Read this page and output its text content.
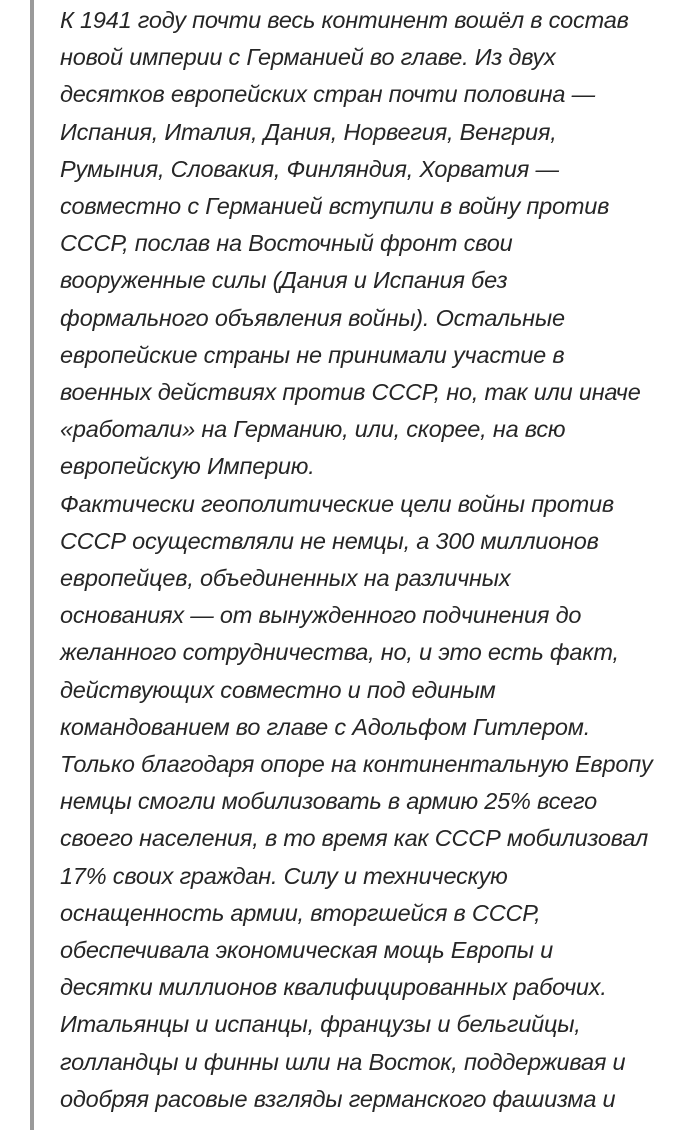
К 1941 году почти весь континент вошёл в состав
новой империи с Германией во главе. Из двух
десятков европейских стран почти половина —
Испания, Италия, Дания, Норвегия, Венгрия,
Румыния, Словакия, Финляндия, Хорватия —
совместно с Германией вступили в войну против
СССР, послав на Восточный фронт свои
вооруженные силы (Дания и Испания без
формального объявления войны). Остальные
европейские страны не принимали участие в
военных действиях против СССР, но, так или иначе
«работали» на Германию, или, скорее, на всю
европейскую Империю.
Фактически геополитические цели войны против
СССР осуществляли не немцы, а 300 миллионов
европейцев, объединенных на различных
основаниях — от вынужденного подчинения до
желанного сотрудничества, но, и это есть факт,
действующих совместно и под единым
командованием во главе с Адольфом Гитлером.
Только благодаря опоре на континентальную Европу
немцы смогли мобилизовать в армию 25% всего
своего населения, в то время как СССР мобилизовал
17% своих граждан. Силу и техническую
оснащенность армии, вторгшейся в СССР,
обеспечивала экономическая мощь Европы и
десятки миллионов квалифицированных рабочих.
Итальянцы и испанцы, французы и бельгийцы,
голландцы и финны шли на Восток, поддерживая и
одобряя расовые взгляды германского фашизма и
